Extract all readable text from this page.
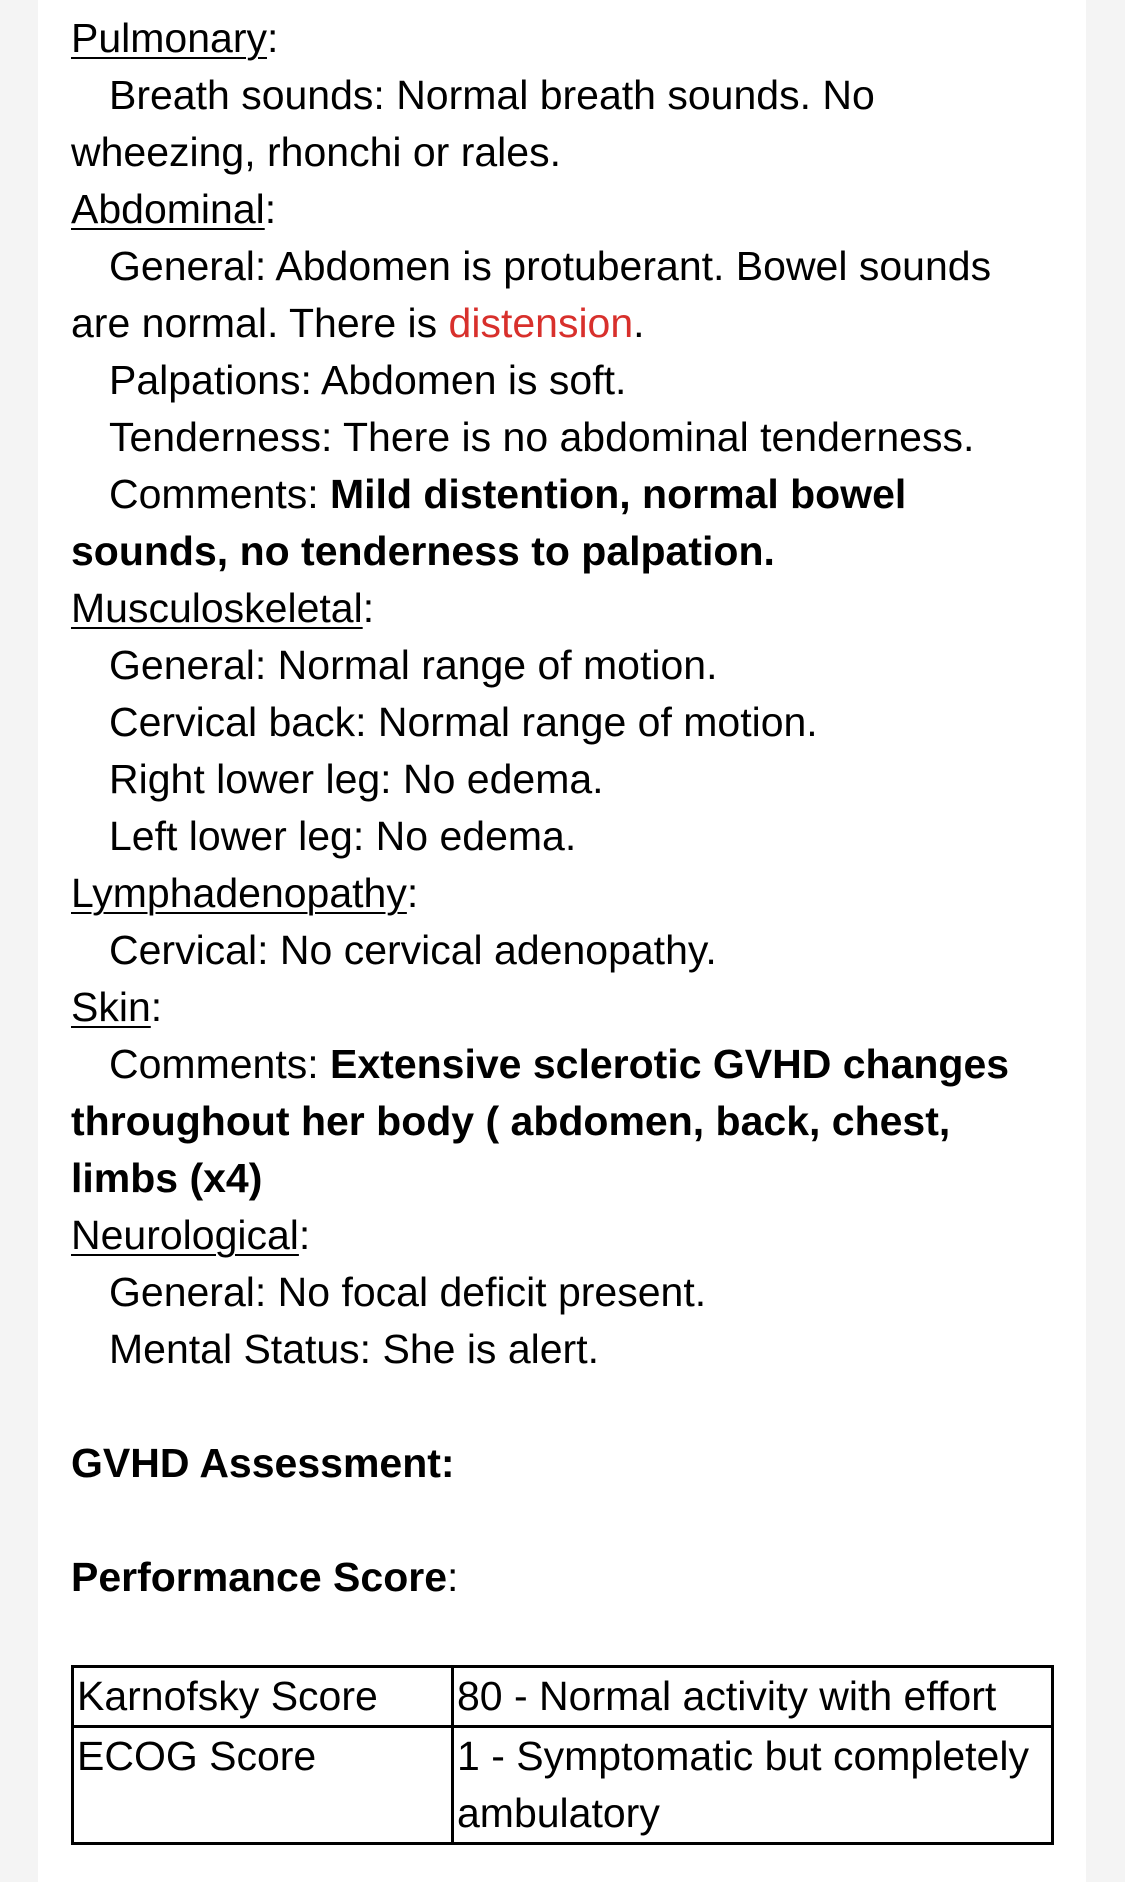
Pulmonary:
Breath sounds: Normal breath sounds. No wheezing, rhonchi or rales.
Abdominal:
General: Abdomen is protuberant. Bowel sounds are normal. There is distension.
Palpations: Abdomen is soft.
Tenderness: There is no abdominal tenderness.
Comments: Mild distention, normal bowel sounds, no tenderness to palpation.
Musculoskeletal:
General: Normal range of motion.
Cervical back: Normal range of motion.
Right lower leg: No edema.
Left lower leg: No edema.
Lymphadenopathy:
Cervical: No cervical adenopathy.
Skin:
Comments: Extensive sclerotic GVHD changes throughout her body ( abdomen, back, chest, limbs (x4)
Neurological:
General: No focal deficit present.
Mental Status: She is alert.
GVHD Assessment:
Performance Score:
Karnofsky Score	80 - Normal activity with effort
ECOG Score	1 - Symptomatic but completely ambulatory
